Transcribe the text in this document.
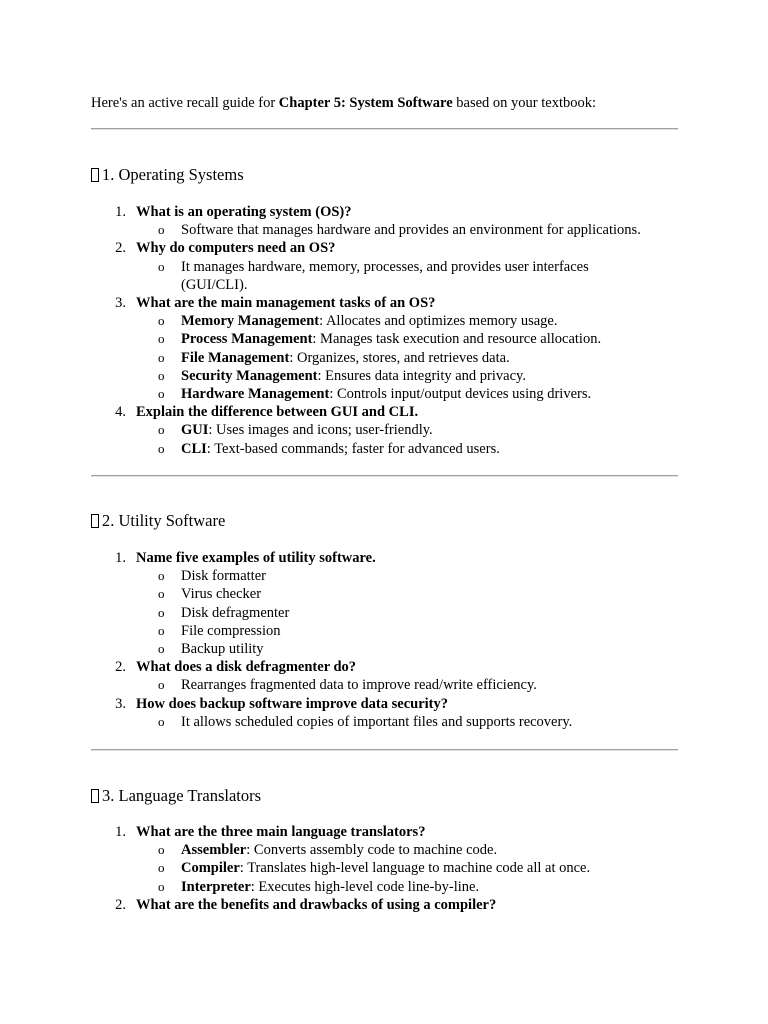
Here's an active recall guide for Chapter 5: System Software based on your textbook:
1. Operating Systems
1. What is an operating system (OS)?
o Software that manages hardware and provides an environment for applications.
2. Why do computers need an OS?
o It manages hardware, memory, processes, and provides user interfaces (GUI/CLI).
3. What are the main management tasks of an OS?
o Memory Management: Allocates and optimizes memory usage.
o Process Management: Manages task execution and resource allocation.
o File Management: Organizes, stores, and retrieves data.
o Security Management: Ensures data integrity and privacy.
o Hardware Management: Controls input/output devices using drivers.
4. Explain the difference between GUI and CLI.
o GUI: Uses images and icons; user-friendly.
o CLI: Text-based commands; faster for advanced users.
2. Utility Software
1. Name five examples of utility software.
o Disk formatter
o Virus checker
o Disk defragmenter
o File compression
o Backup utility
2. What does a disk defragmenter do?
o Rearranges fragmented data to improve read/write efficiency.
3. How does backup software improve data security?
o It allows scheduled copies of important files and supports recovery.
3. Language Translators
1. What are the three main language translators?
o Assembler: Converts assembly code to machine code.
o Compiler: Translates high-level language to machine code all at once.
o Interpreter: Executes high-level code line-by-line.
2. What are the benefits and drawbacks of using a compiler?
